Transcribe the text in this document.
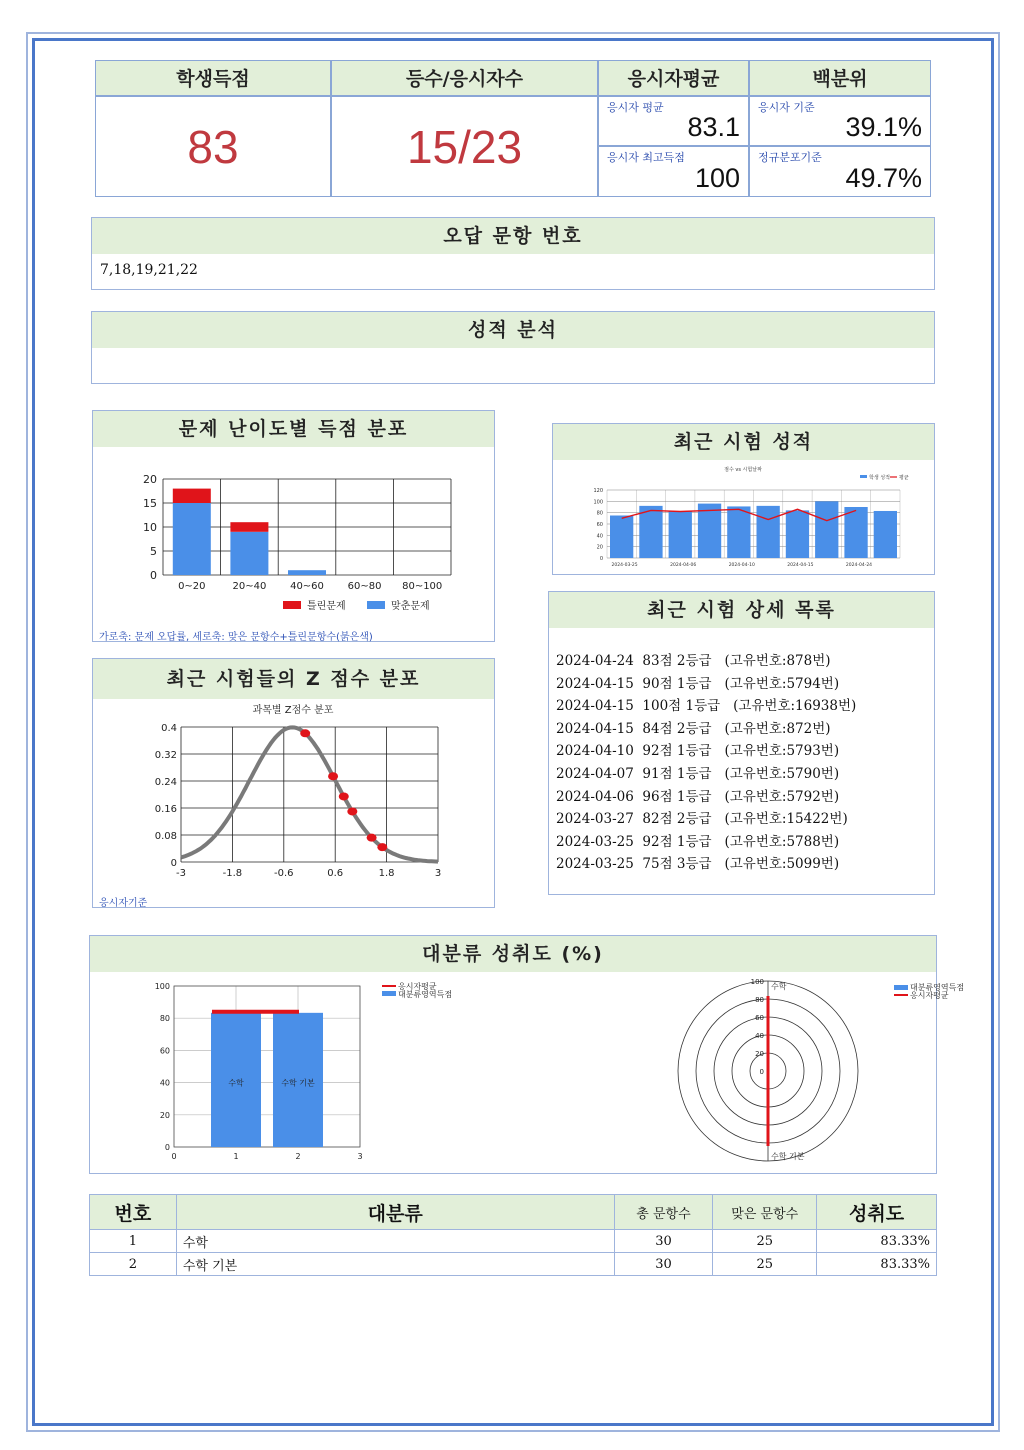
학생득점	등수/응시자수	응시자평균	백분위
83	15/23
응시자 평균
83.1
응시자 최고득점
100
응시자 기준
39.1%
정규분포기준
49.7%
오답 문항 번호
7,18,19,21,22
성적 분석
문제 난이도별 득점 분포
0
5
10
15
20
0~20	20~40 40~60 60~80 80~100
틀린문제	맞춘문제
가로축: 문제 오답률, 세로축: 맞은 문항수+틀린문항수(붉은색)
최근 시험들의 Z 점수 분포
과목별 Z점수 분포
0
0.08
0.16
0.24
0.32
0.4
-3	-1.8	-0.6	0.6	1.8	3
응시자기준
최근 시험 성적
점수 vs 시험날짜
학생 성적 평균
0
20
40
60
80
100
120
2024-03-25	2024-04-06	2024-04-10	2024-04-15	2024-04-24
최근 시험 상세 목록
2024-04-24  83점 2등급   (고유번호:878번)
2024-04-15  90점 1등급   (고유번호:5794번)
2024-04-15  100점 1등급   (고유번호:16938번)
2024-04-15  84점 2등급   (고유번호:872번)
2024-04-10  92점 1등급   (고유번호:5793번)
2024-04-07  91점 1등급   (고유번호:5790번)
2024-04-06  96점 1등급   (고유번호:5792번)
2024-03-27  82점 2등급   (고유번호:15422번)
2024-03-25  92점 1등급   (고유번호:5788번)
2024-03-25  75점 3등급   (고유번호:5099번)
대분류 성취도 (%)
0
20
40
60
80
100
0	1	2	3
수학	수학 기본
응시자평균
대분류영역득점
0
20
40
60
80
100 수학
수학 기본
대분류영역득점
응시자평균
번호	대분류	총 문항수	맞은 문항수	성취도
1	수학	30	25	83.33%
2	수학 기본	30	25	83.33%
